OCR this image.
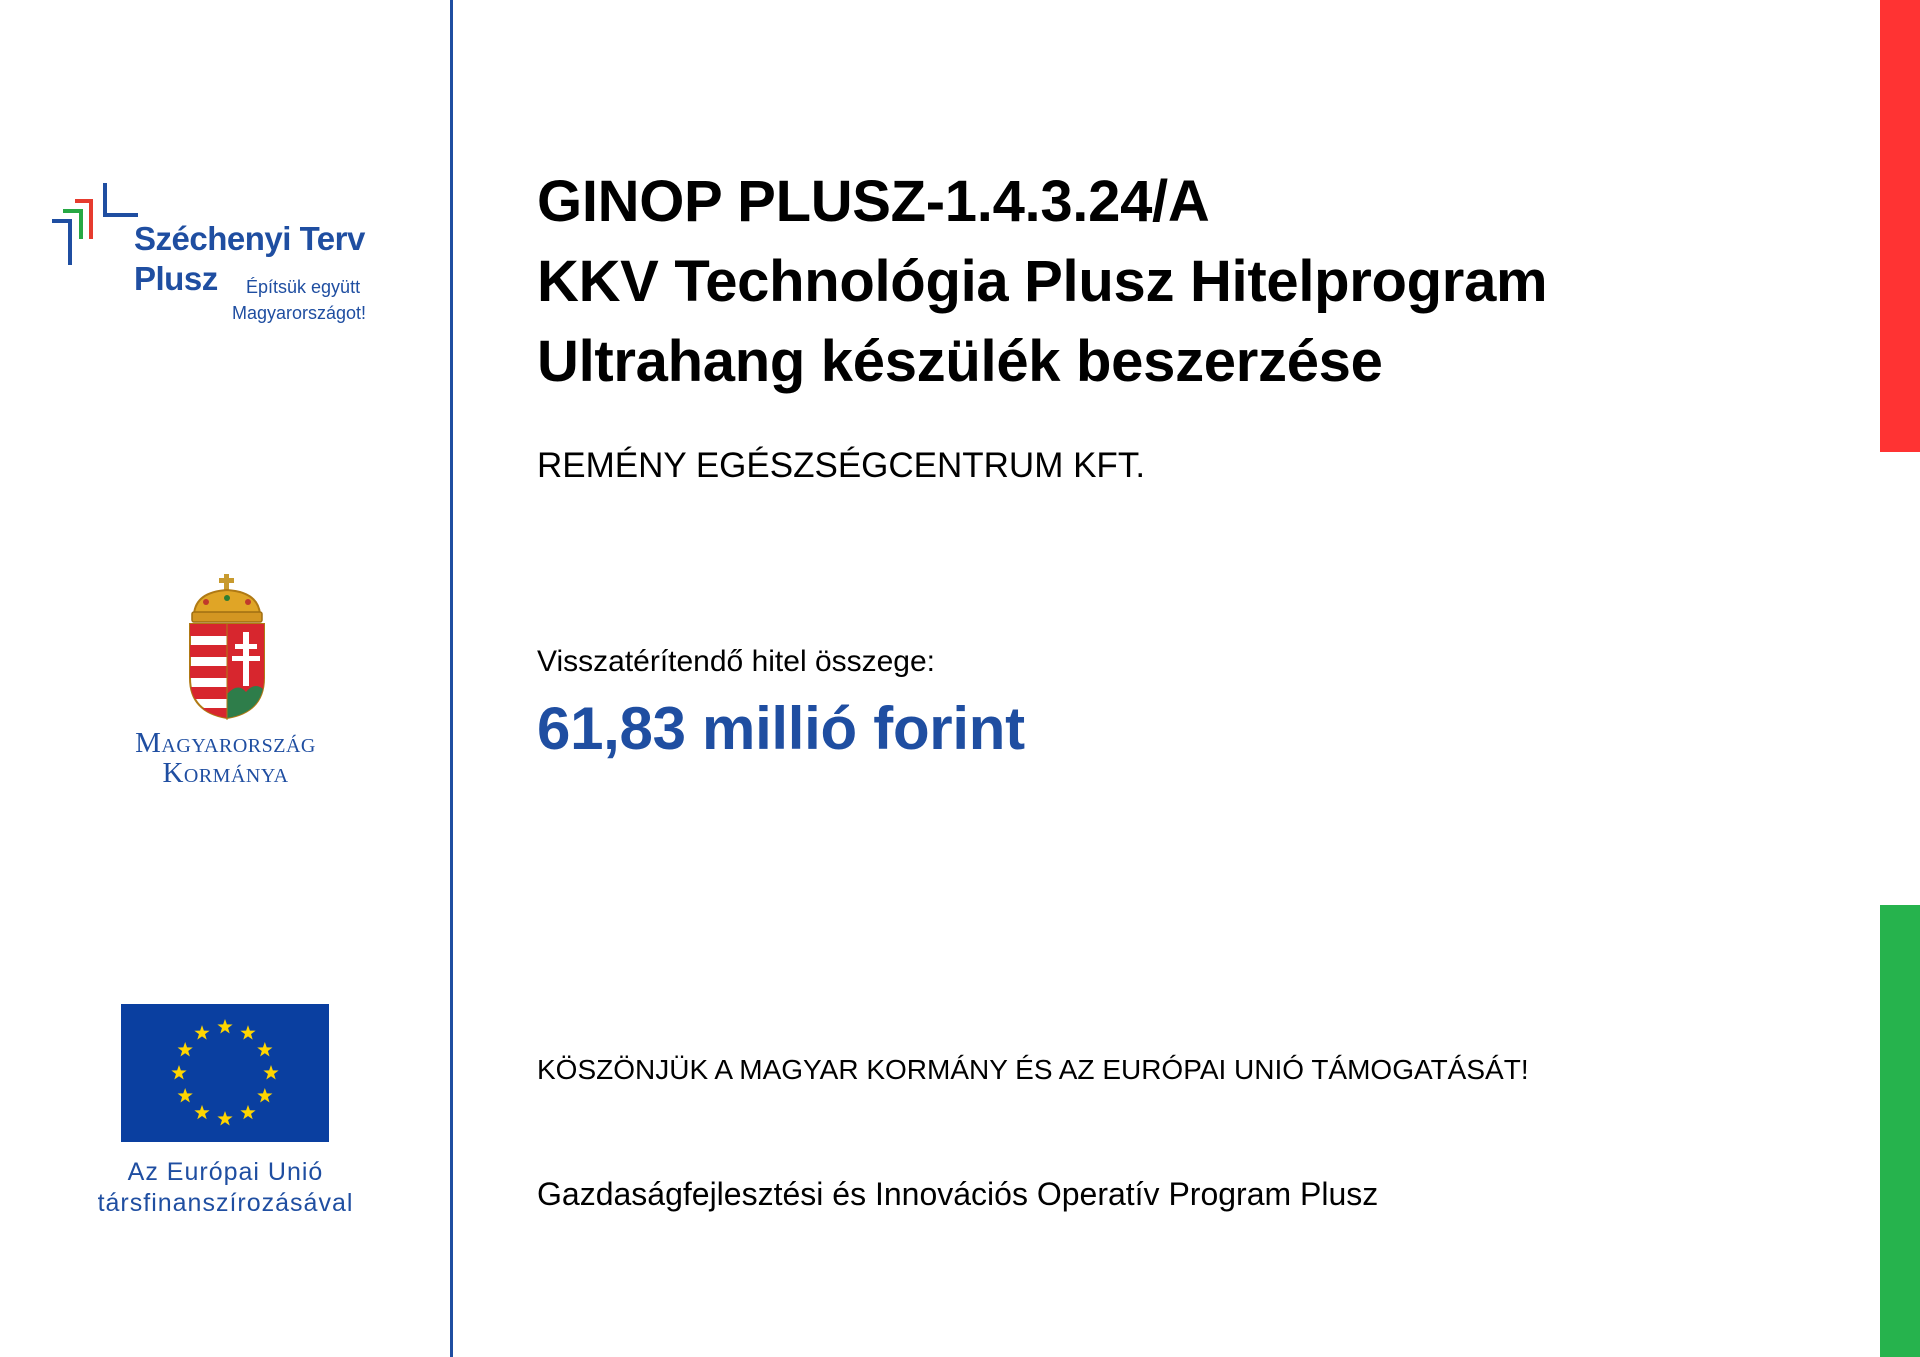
Széchenyi Terv
Plusz Építsük együtt
Magyarországot!
Magyarország
Kormánya
Az Európai Unió
társfinanszírozásával
GINOP PLUSZ-1.4.3.24/A
KKV Technológia Plusz Hitelprogram
Ultrahang készülék beszerzése
REMÉNY EGÉSZSÉGCENTRUM KFT.
Visszatérítendő hitel összege:
61,83 millió forint
KÖSZÖNJÜK A MAGYAR KORMÁNY ÉS AZ EURÓPAI UNIÓ TÁMOGATÁSÁT!
Gazdaságfejlesztési és Innovációs Operatív Program Plusz
